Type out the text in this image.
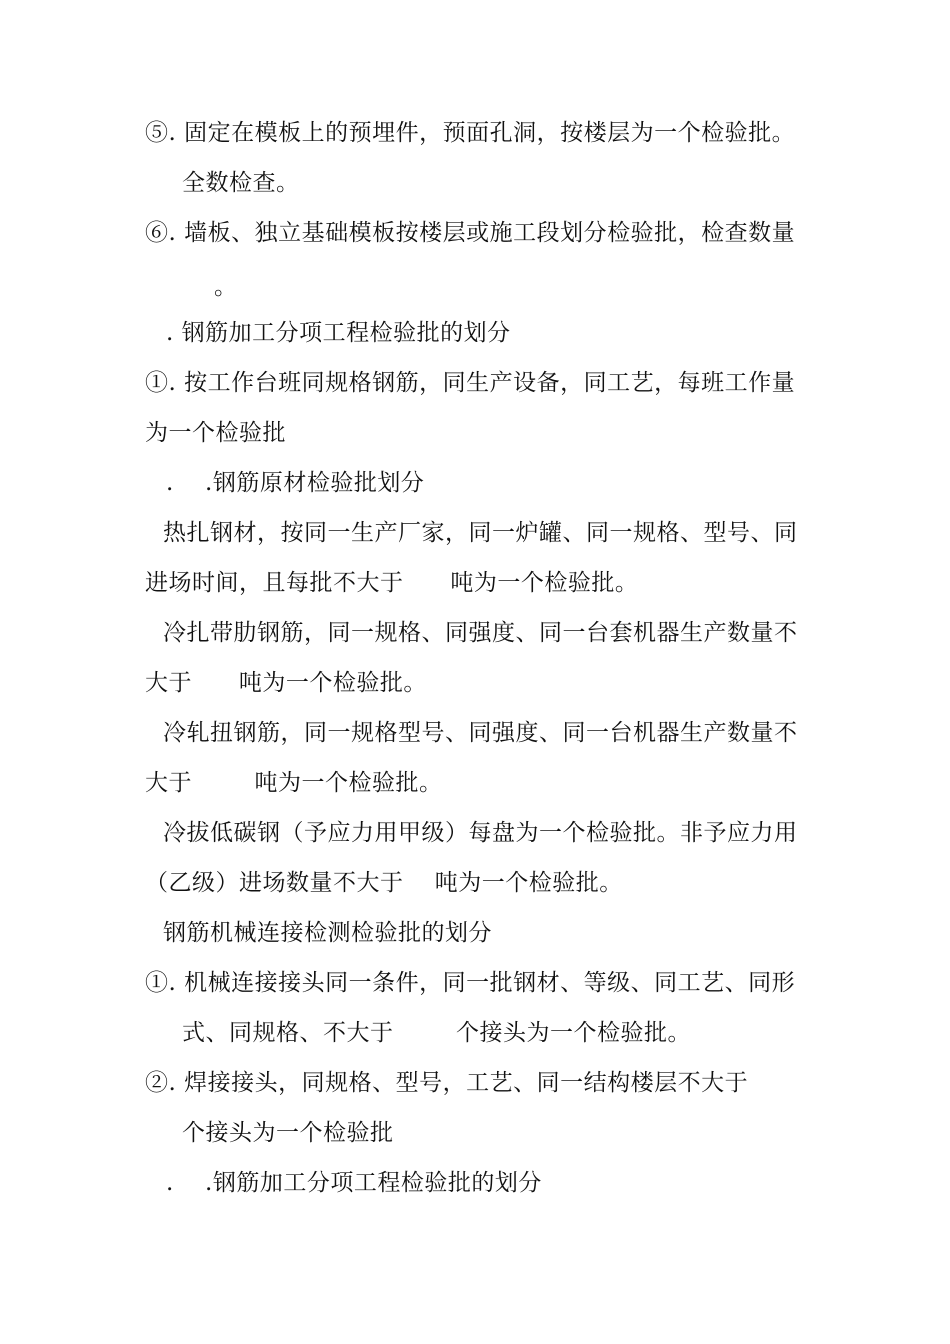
⑤. 固定在模板上的预埋件，预面孔洞，按楼层为一个检验批。
全数检查。
⑥. 墙板、独立基础模板按楼层或施工段划分检验批，检查数量
。
. 钢筋加工分项工程检验批的划分
①. 按工作台班同规格钢筋，同生产设备，同工艺，每班工作量
为一个检验批
.    .钢筋原材检验批划分
热扎钢材，按同一生产厂家，同一炉罐、同一规格、型号、同
进场时间，且每批不大于      吨为一个检验批。
冷扎带肋钢筋，同一规格、同强度、同一台套机器生产数量不
大于      吨为一个检验批。
冷轧扭钢筋，同一规格型号、同强度、同一台机器生产数量不
大于        吨为一个检验批。
冷拔低碳钢（予应力用甲级）每盘为一个检验批。非予应力用
（乙级）进场数量不大于    吨为一个检验批。
钢筋机械连接检测检验批的划分
①. 机械连接接头同一条件，同一批钢材、等级、同工艺、同形
式、同规格、不大于        个接头为一个检验批。
②. 焊接接头，同规格、型号，工艺、同一结构楼层不大于
个接头为一个检验批
.    .钢筋加工分项工程检验批的划分
